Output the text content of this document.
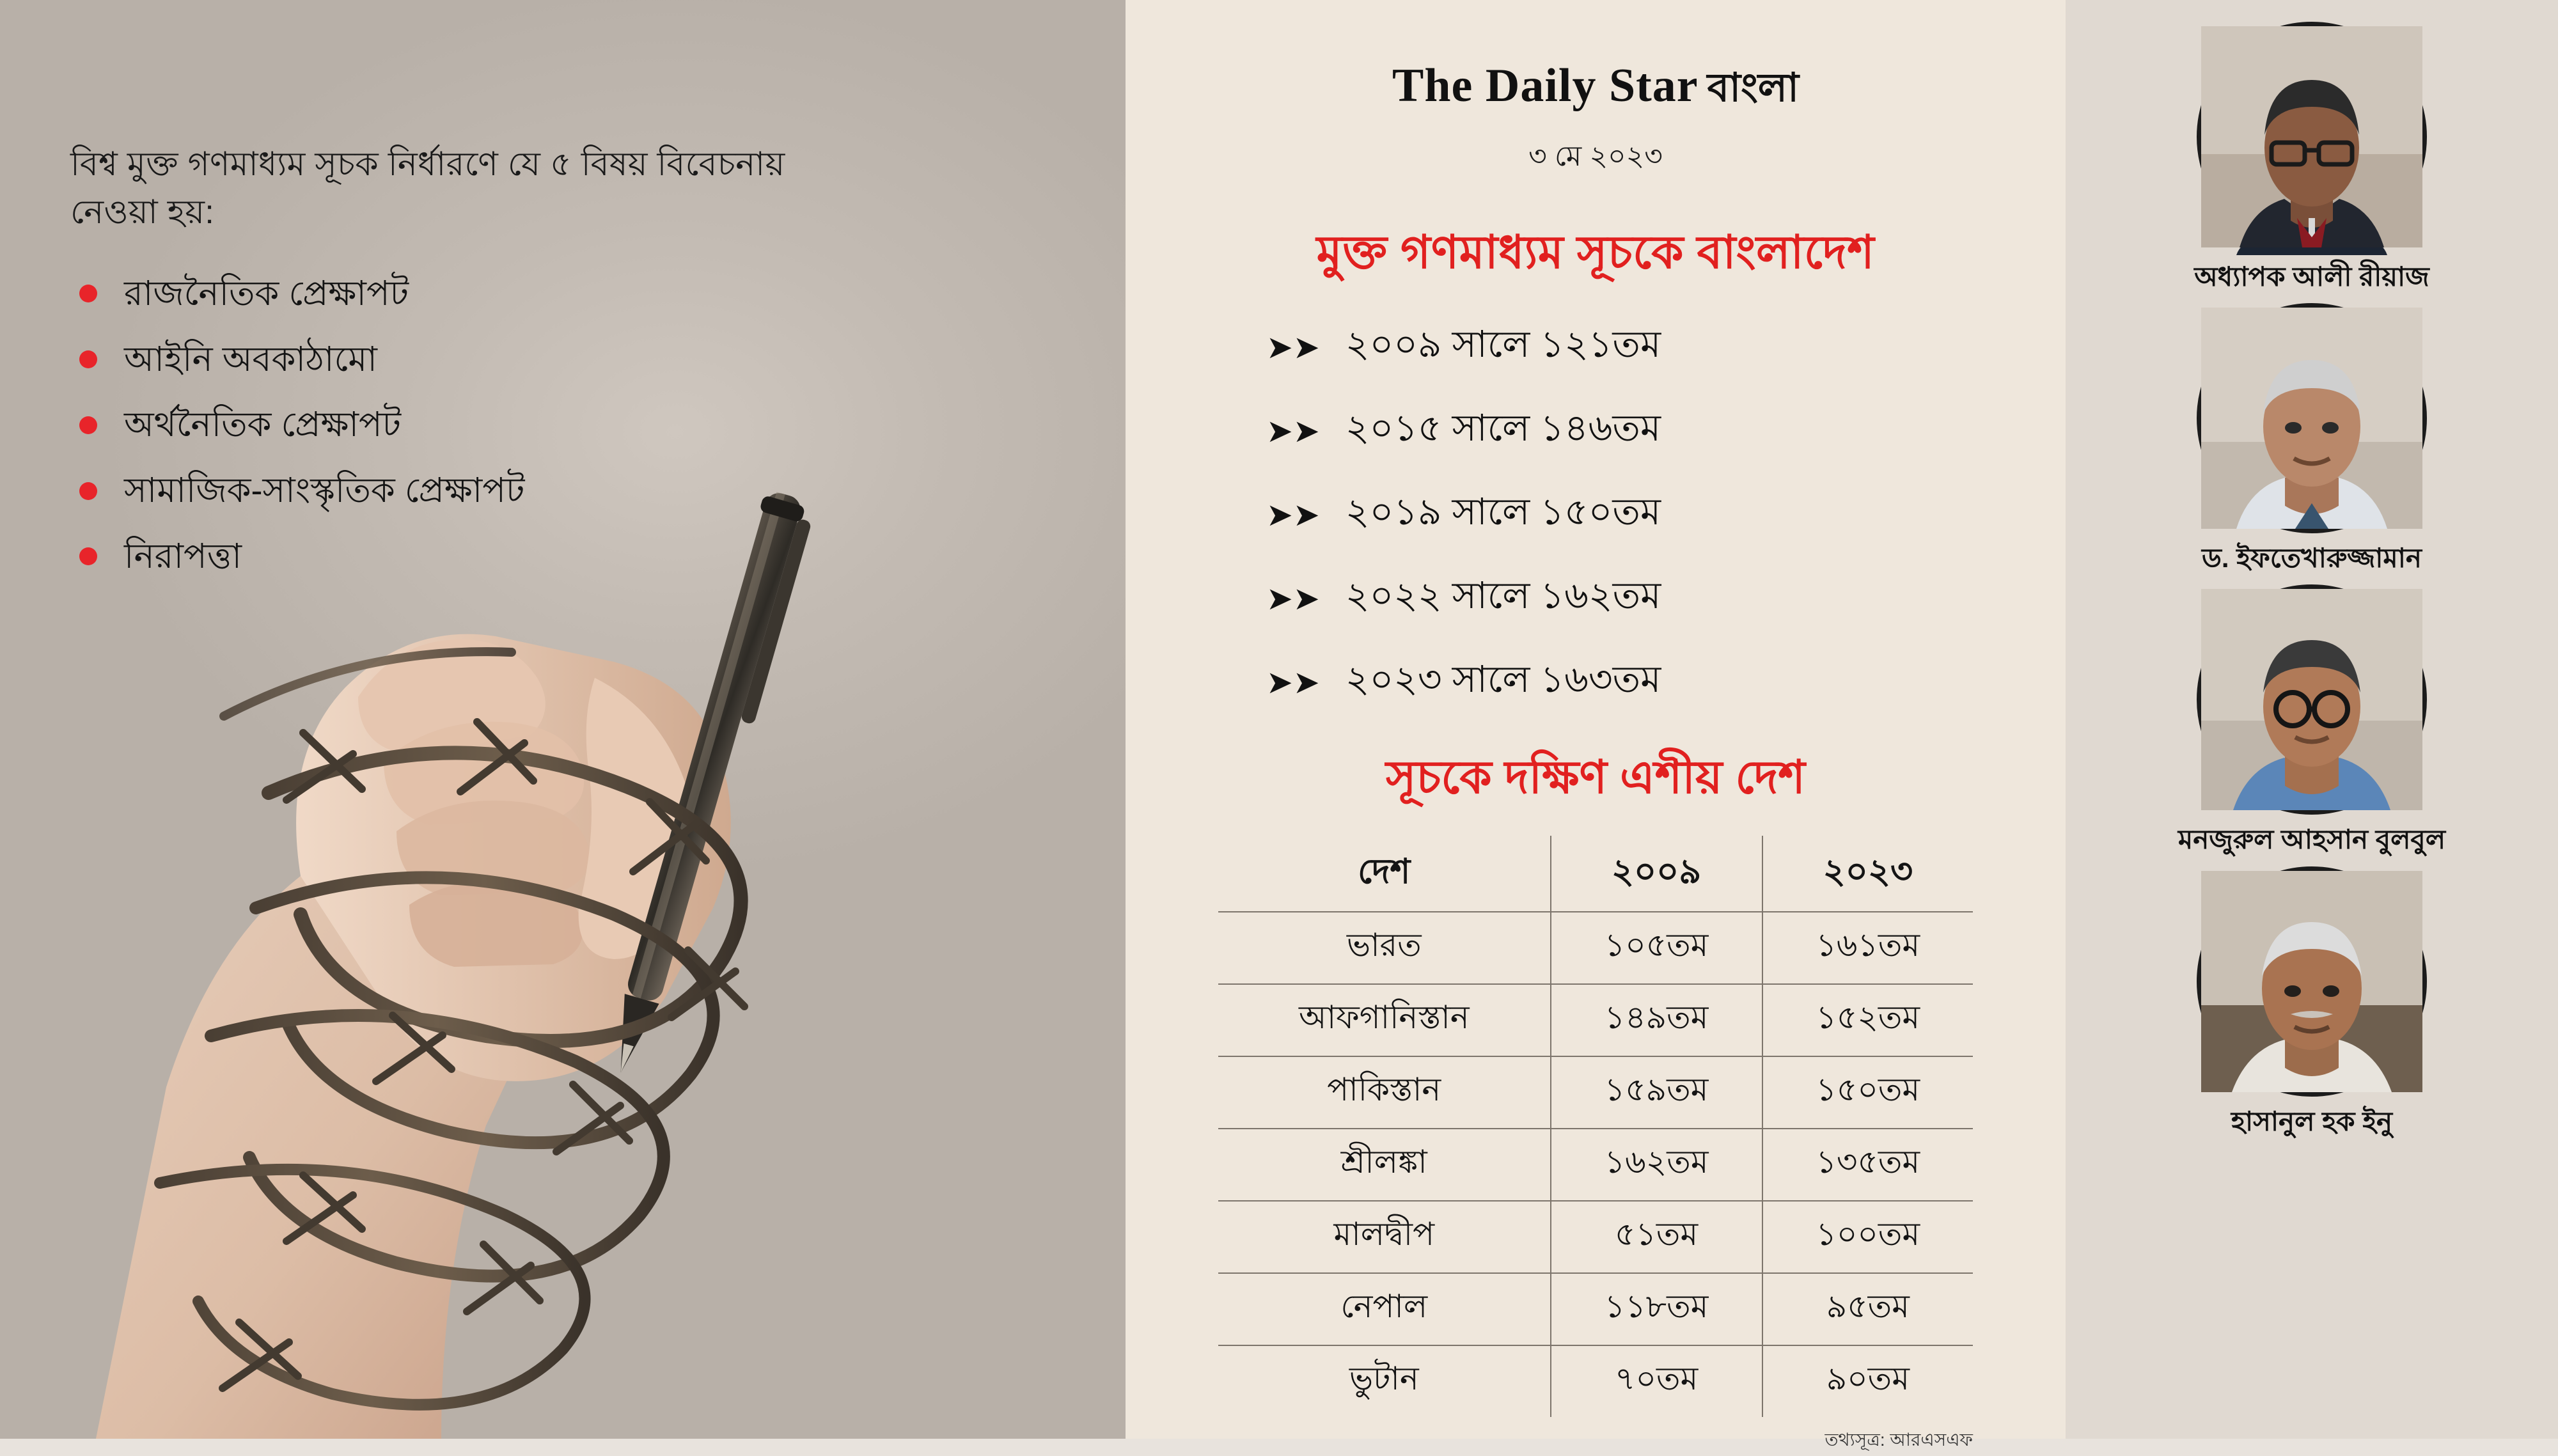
বিশ্ব মুক্ত গণমাধ্যম সূচক নির্ধারণে যে ৫ বিষয় বিবেচনায় নেওয়া হয়:
রাজনৈতিক প্রেক্ষাপট
আইনি অবকাঠামো
অর্থনৈতিক প্রেক্ষাপট
সামাজিক-সাংস্কৃতিক প্রেক্ষাপট
নিরাপত্তা
The Daily Star বাংলা
৩ মে ২০২৩
মুক্ত গণমাধ্যম সূচকে বাংলাদেশ
➤➤ ২০০৯ সালে ১২১তম
➤➤ ২০১৫ সালে ১৪৬তম
➤➤ ২০১৯ সালে ১৫০তম
➤➤ ২০২২ সালে ১৬২তম
➤➤ ২০২৩ সালে ১৬৩তম
সূচকে দক্ষিণ এশীয় দেশ
দেশ	২০০৯	২০২৩
ভারত	১০৫তম	১৬১তম
আফগানিস্তান	১৪৯তম	১৫২তম
পাকিস্তান	১৫৯তম	১৫০তম
শ্রীলঙ্কা	১৬২তম	১৩৫তম
মালদ্বীপ	৫১তম	১০০তম
নেপাল	১১৮তম	৯৫তম
ভুটান	৭০তম	৯০তম
তথ্যসূত্র: আরএসএফ
অধ্যাপক আলী রীয়াজ
ড. ইফতেখারুজ্জামান
মনজুরুল আহসান বুলবুল
হাসানুল হক ইনু
